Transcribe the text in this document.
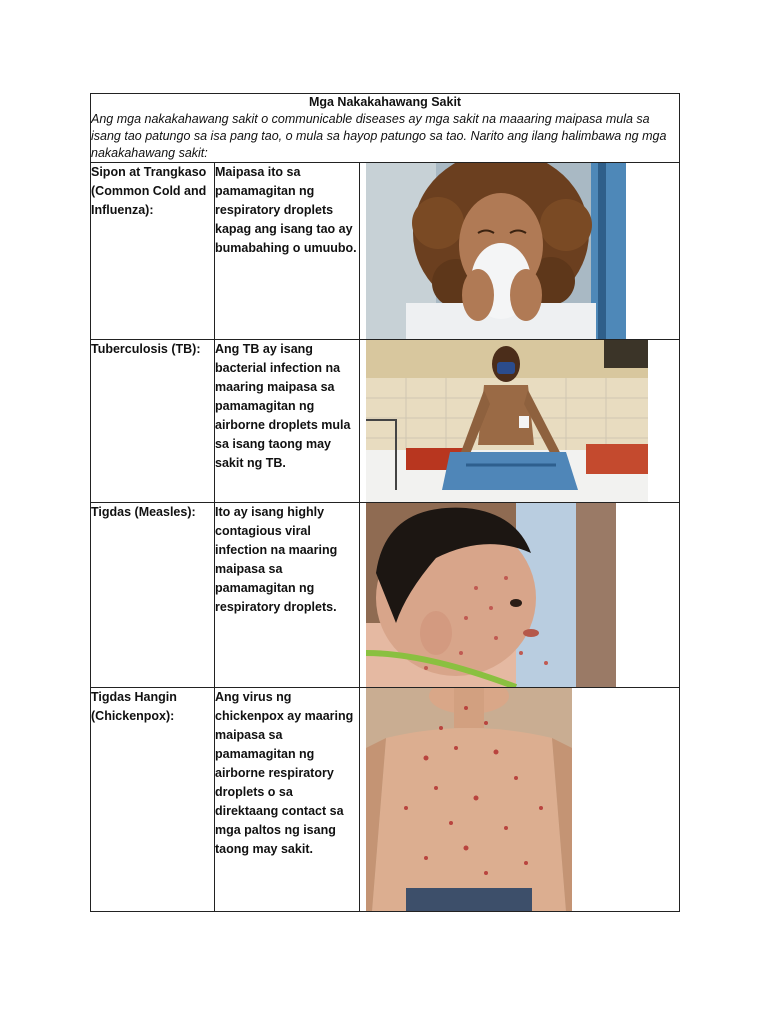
Mga Nakakahawang Sakit
Ang mga nakakahawang sakit o communicable diseases ay mga sakit na maaaring maipasa mula sa isang tao patungo sa isa pang tao, o mula sa hayop patungo sa tao. Narito ang ilang halimbawa ng mga nakakahawang sakit:		

Sipon at Trangkaso (Common Cold and Influenza):	Maipasa ito sa pamamagitan ng respiratory droplets kapag ang isang tao ay bumabahing o umuubo.	

Tuberculosis (TB):	Ang TB ay isang bacterial infection na maaring maipasa sa pamamagitan ng airborne droplets mula sa isang taong may sakit ng TB.	

Tigdas (Measles):	Ito ay isang highly contagious viral infection na maaring maipasa sa pamamagitan ng respiratory droplets.	

Tigdas Hangin (Chickenpox):	Ang virus ng chickenpox ay maaring maipasa sa pamamagitan ng airborne respiratory droplets o sa direktaang contact sa mga paltos ng isang taong may sakit.	
